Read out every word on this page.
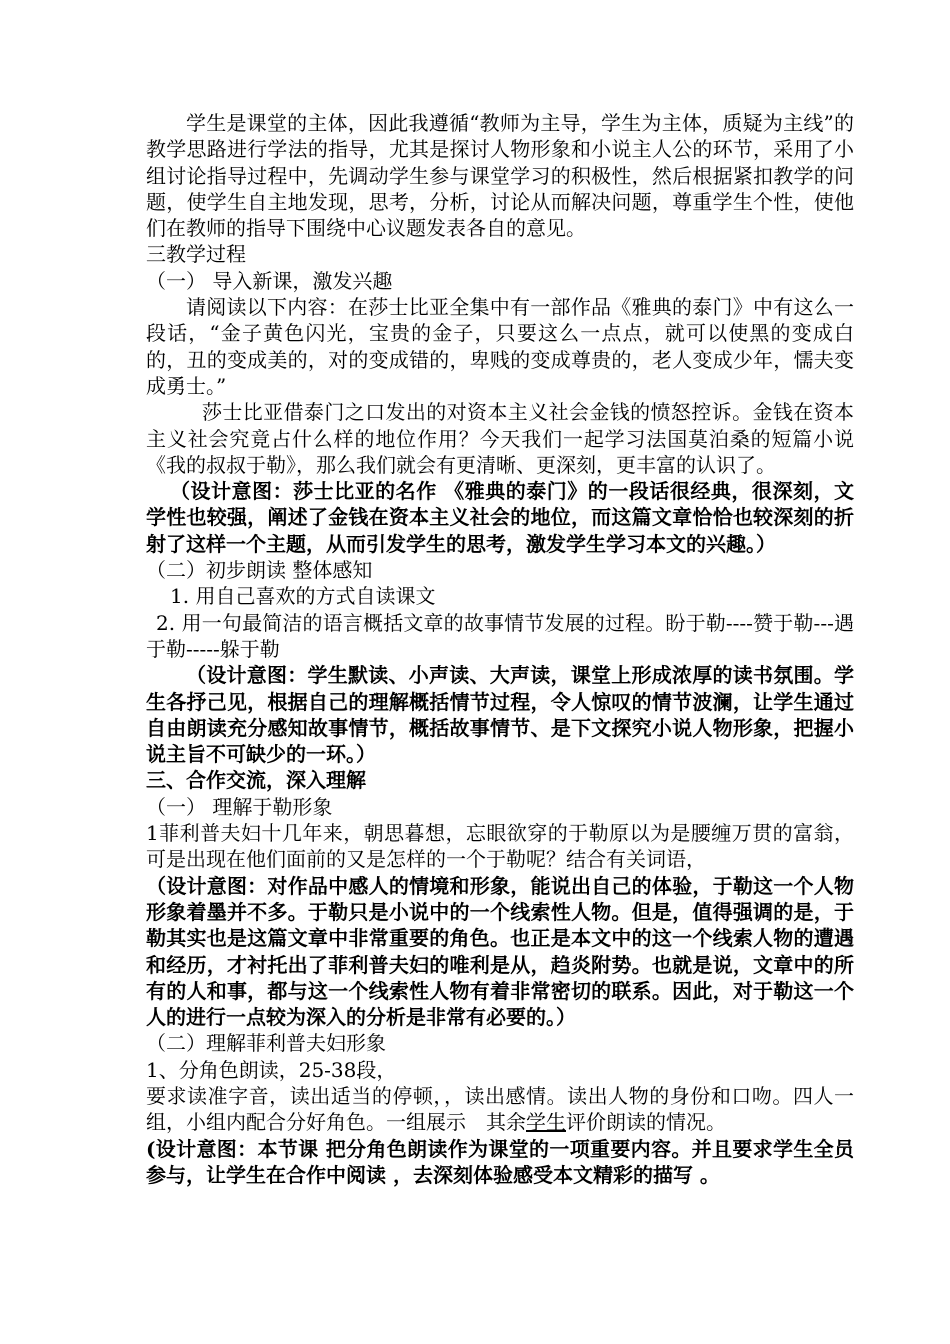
学生是课堂的主体，因此我遵循“教师为主导，学生为主体，质疑为主线”的教学思路进行学法的指导，尤其是探讨人物形象和小说主人公的环节，采用了小组讨论指导过程中，先调动学生参与课堂学习的积极性，然后根据紧扣教学的问题，使学生自主地发现，思考，分析，讨论从而解决问题，尊重学生个性，使他们在教师的指导下围绕中心议题发表各自的意见。

三教学过程

（一） 导入新课，激发兴趣

请阅读以下内容：在莎士比亚全集中有一部作品《雅典的泰门》中有这么一段话，“金子黄色闪光，宝贵的金子，只要这么一点点，就可以使黑的变成白的，丑的变成美的，对的变成错的，卑贱的变成尊贵的，老人变成少年，懦夫变成勇士。”

莎士比亚借泰门之口发出的对资本主义社会金钱的愤怒控诉。金钱在资本主义社会究竟占什么样的地位作用？今天我们一起学习法国莫泊桑的短篇小说《我的叔叔于勒》，那么我们就会有更清晰、更深刻，更丰富的认识了。

（设计意图：莎士比亚的名作 《雅典的泰门》的一段话很经典，很深刻，文学性也较强，阐述了金钱在资本主义社会的地位，而这篇文章恰恰也较深刻的折射了这样一个主题，从而引发学生的思考，激发学生学习本文的兴趣。）

（二）初步朗读 整体感知

1. 用自己喜欢的方式自读课文

2. 用一句最简洁的语言概括文章的故事情节发展的过程。盼于勒----赞于勒---遇于勒-----躲于勒

（设计意图：学生默读、小声读、大声读，课堂上形成浓厚的读书氛围。学生各抒己见，根据自己的理解概括情节过程，令人惊叹的情节波澜，让学生通过自由朗读充分感知故事情节，概括故事情节、是下文探究小说人物形象，把握小说主旨不可缺少的一环。）

三、合作交流，深入理解

（一） 理解于勒形象

1菲利普夫妇十几年来，朝思暮想，忘眼欲穿的于勒原以为是腰缠万贯的富翁，可是出现在他们面前的又是怎样的一个于勒呢？结合有关词语，

（设计意图：对作品中感人的情境和形象，能说出自己的体验，于勒这一个人物形象着墨并不多。于勒只是小说中的一个线索性人物。但是，值得强调的是，于勒其实也是这篇文章中非常重要的角色。也正是本文中的这一个线索人物的遭遇和经历，才衬托出了菲利普夫妇的唯利是从，趋炎附势。也就是说，文章中的所有的人和事，都与这一个线索性人物有着非常密切的联系。因此，对于勒这一个人的进行一点较为深入的分析是非常有必要的。）

（二）理解菲利普夫妇形象

1、分角色朗读，25-38段，

要求读准字音，读出适当的停顿，，读出感情。读出人物的身份和口吻。四人一组，小组内配合分好角色。一组展示　其余学生评价朗读的情况。

(设计意图：本节课 把分角色朗读作为课堂的一项重要内容。并且要求学生全员参与，让学生在合作中阅读 ，去深刻体验感受本文精彩的描写 。
